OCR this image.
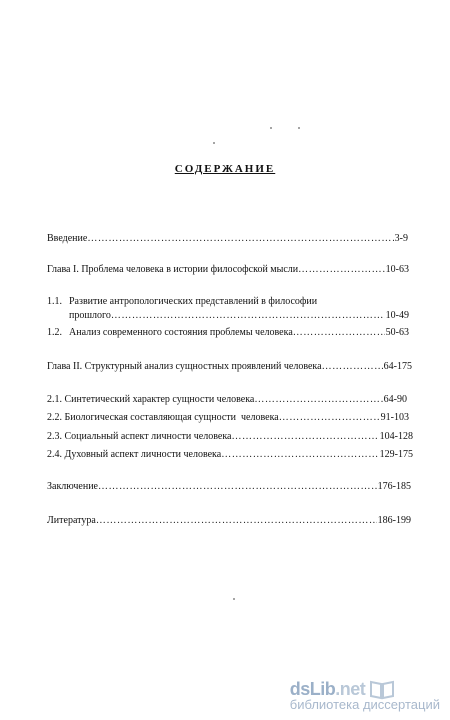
СОДЕРЖАНИЕ
Введение ……………………………………………………………………………………………………………………………………	3-9
Глава I. Проблема человека в истории философской мысли ……………………………………………………………………………………………………………………………………	10-63
1.1. Развитие антропологических представлений в философии
прошлого ……………………………………………………………………………………………………………………………………	10-49
1.2. Анализ современного состояния проблемы человека ……………………………………………………………………………………………………………………………………	50-63
Глава II. Структурный анализ сущностных проявлений человека ……………………………………………………………………………………………………………………………………	64-175
2.1. Синтетический характер сущности человека ……………………………………………………………………………………………………………………………………	64-90
2.2. Биологическая составляющая сущности  человека ……………………………………………………………………………………………………………………………………	91-103
2.3. Социальный аспект личности человека ……………………………………………………………………………………………………………………………………	104-128
2.4. Духовный аспект личности человека ……………………………………………………………………………………………………………………………………	129-175
Заключение ……………………………………………………………………………………………………………………………………	176-185
Литература ……………………………………………………………………………………………………………………………………	186-199
dsLib.net
библиотека диссертаций
